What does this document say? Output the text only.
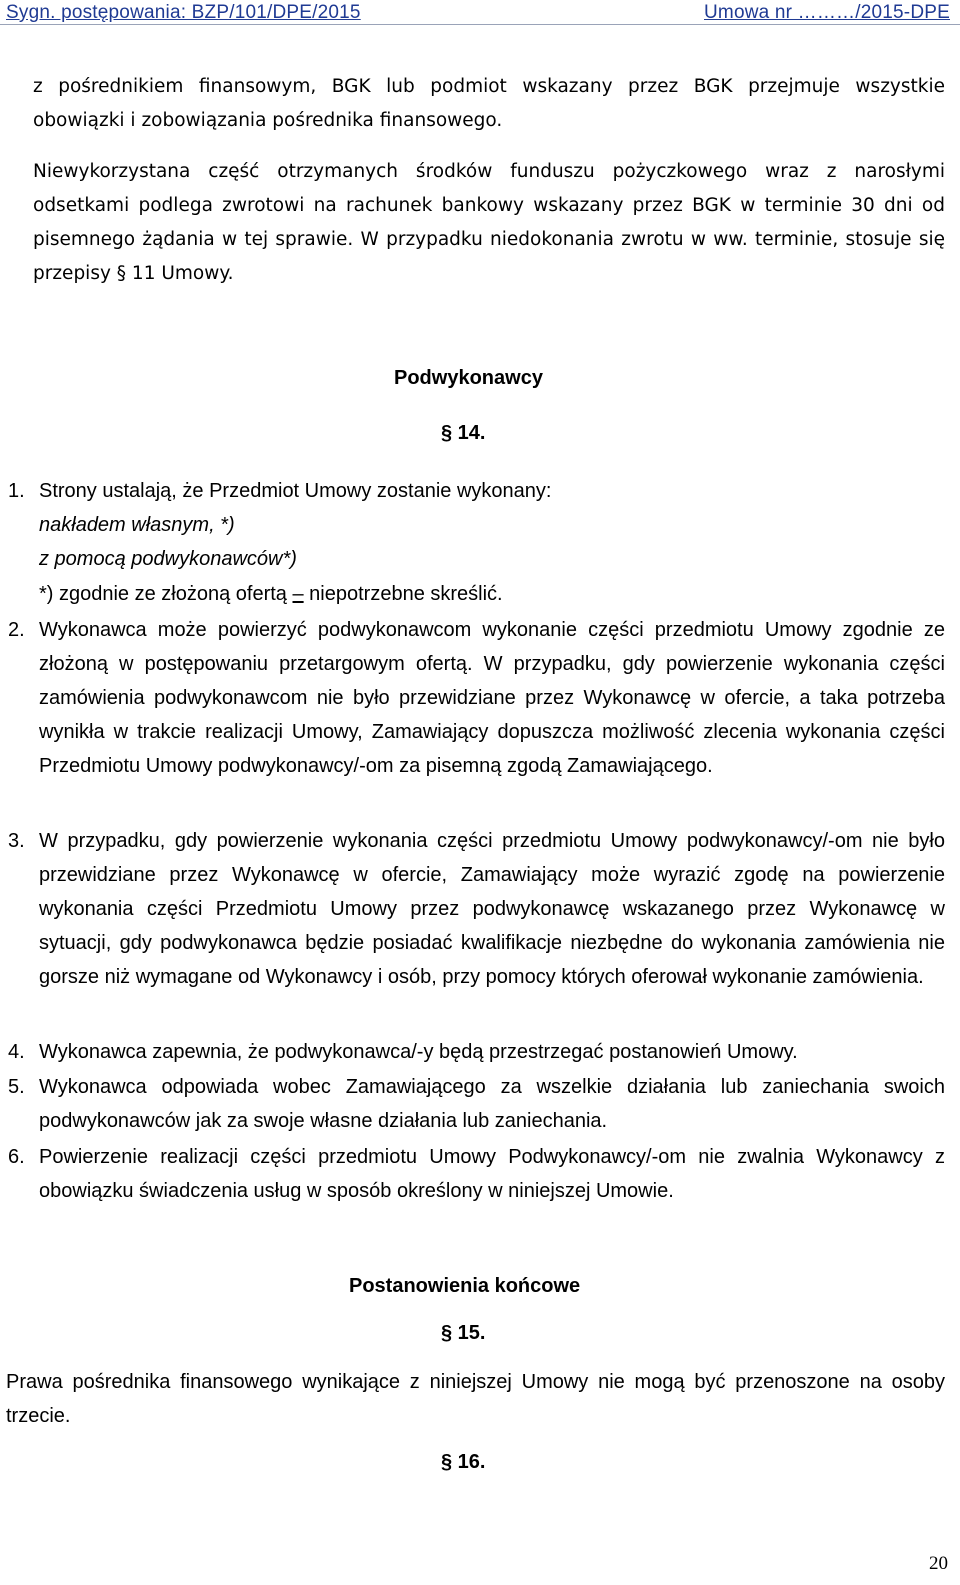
Sygn. postępowania: BZP/101/DPE/2015	Umowa nr ………/2015-DPE

z pośrednikiem finansowym, BGK lub podmiot wskazany przez BGK przejmuje wszystkie obowiązki i zobowiązania pośrednika finansowego.

Niewykorzystana część otrzymanych środków funduszu pożyczkowego wraz z narosłymi odsetkami podlega zwrotowi na rachunek bankowy wskazany przez BGK w terminie 30 dni od pisemnego żądania w tej sprawie. W przypadku niedokonania zwrotu w ww. terminie, stosuje się przepisy § 11 Umowy.

Podwykonawcy
§ 14.
1. Strony ustalają, że Przedmiot Umowy zostanie wykonany:
nakładem własnym, *)
z pomocą podwykonawców*)
*) zgodnie ze złożoną ofertą – niepotrzebne skreślić.
2. Wykonawca może powierzyć podwykonawcom wykonanie części przedmiotu Umowy zgodnie ze złożoną w postępowaniu przetargowym ofertą. W przypadku, gdy powierzenie wykonania części zamówienia podwykonawcom nie było przewidziane przez Wykonawcę w ofercie, a taka potrzeba wynikła w trakcie realizacji Umowy, Zamawiający dopuszcza możliwość zlecenia wykonania części Przedmiotu Umowy podwykonawcy/-om za pisemną zgodą Zamawiającego.
3. W przypadku, gdy powierzenie wykonania części przedmiotu Umowy podwykonawcy/-om nie było przewidziane przez Wykonawcę w ofercie, Zamawiający może wyrazić zgodę na powierzenie wykonania części Przedmiotu Umowy przez podwykonawcę wskazanego przez Wykonawcę w sytuacji, gdy podwykonawca będzie posiadać kwalifikacje niezbędne do wykonania zamówienia nie gorsze niż wymagane od Wykonawcy i osób, przy pomocy których oferował wykonanie zamówienia.
4. Wykonawca zapewnia, że podwykonawca/-y będą przestrzegać postanowień Umowy.
5. Wykonawca odpowiada wobec Zamawiającego za wszelkie działania lub zaniechania swoich podwykonawców jak za swoje własne działania lub zaniechania.
6. Powierzenie realizacji części przedmiotu Umowy Podwykonawcy/-om nie zwalnia Wykonawcy z obowiązku świadczenia usług w sposób określony w niniejszej Umowie.
Postanowienia końcowe
§ 15.

Prawa pośrednika finansowego wynikające z niniejszej Umowy nie mogą być przenoszone na osoby trzecie.

§ 16.
20
